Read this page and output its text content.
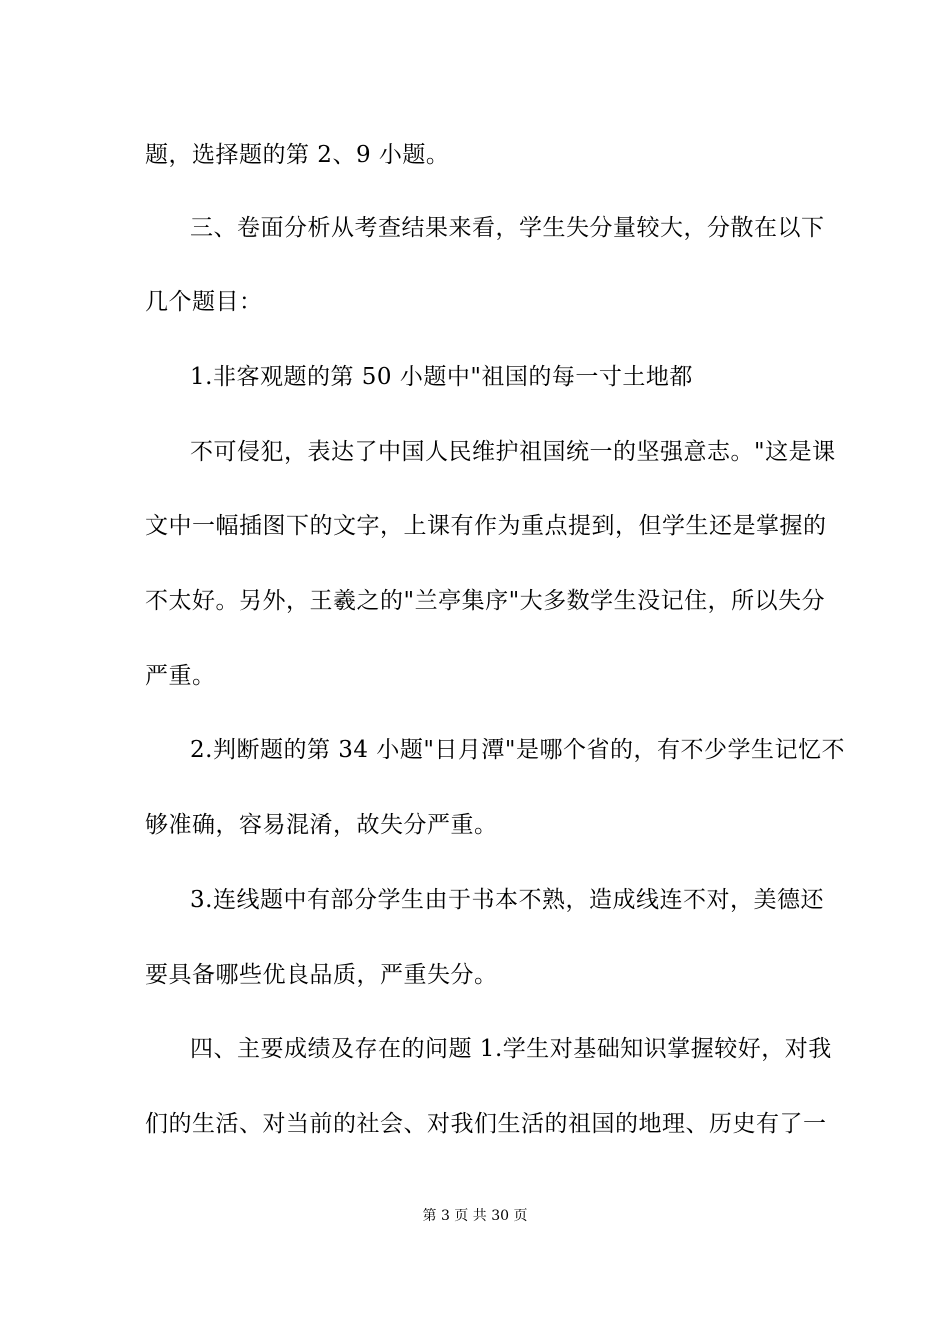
题，选择题的第 2、9 小题。
三、卷面分析从考查结果来看，学生失分量较大，分散在以下
几个题目：
1.非客观题的第 50 小题中"祖国的每一寸土地都
不可侵犯，表达了中国人民维护祖国统一的坚强意志。"这是课
文中一幅插图下的文字，上课有作为重点提到，但学生还是掌握的
不太好。另外，王羲之的"兰亭集序"大多数学生没记住，所以失分
严重。
2.判断题的第 34 小题"日月潭"是哪个省的，有不少学生记忆不
够准确，容易混淆，故失分严重。
3.连线题中有部分学生由于书本不熟，造成线连不对，美德还
要具备哪些优良品质，严重失分。
四、主要成绩及存在的问题 1.学生对基础知识掌握较好，对我
们的生活、对当前的社会、对我们生活的祖国的地理、历史有了一
第 3 页 共 30 页
